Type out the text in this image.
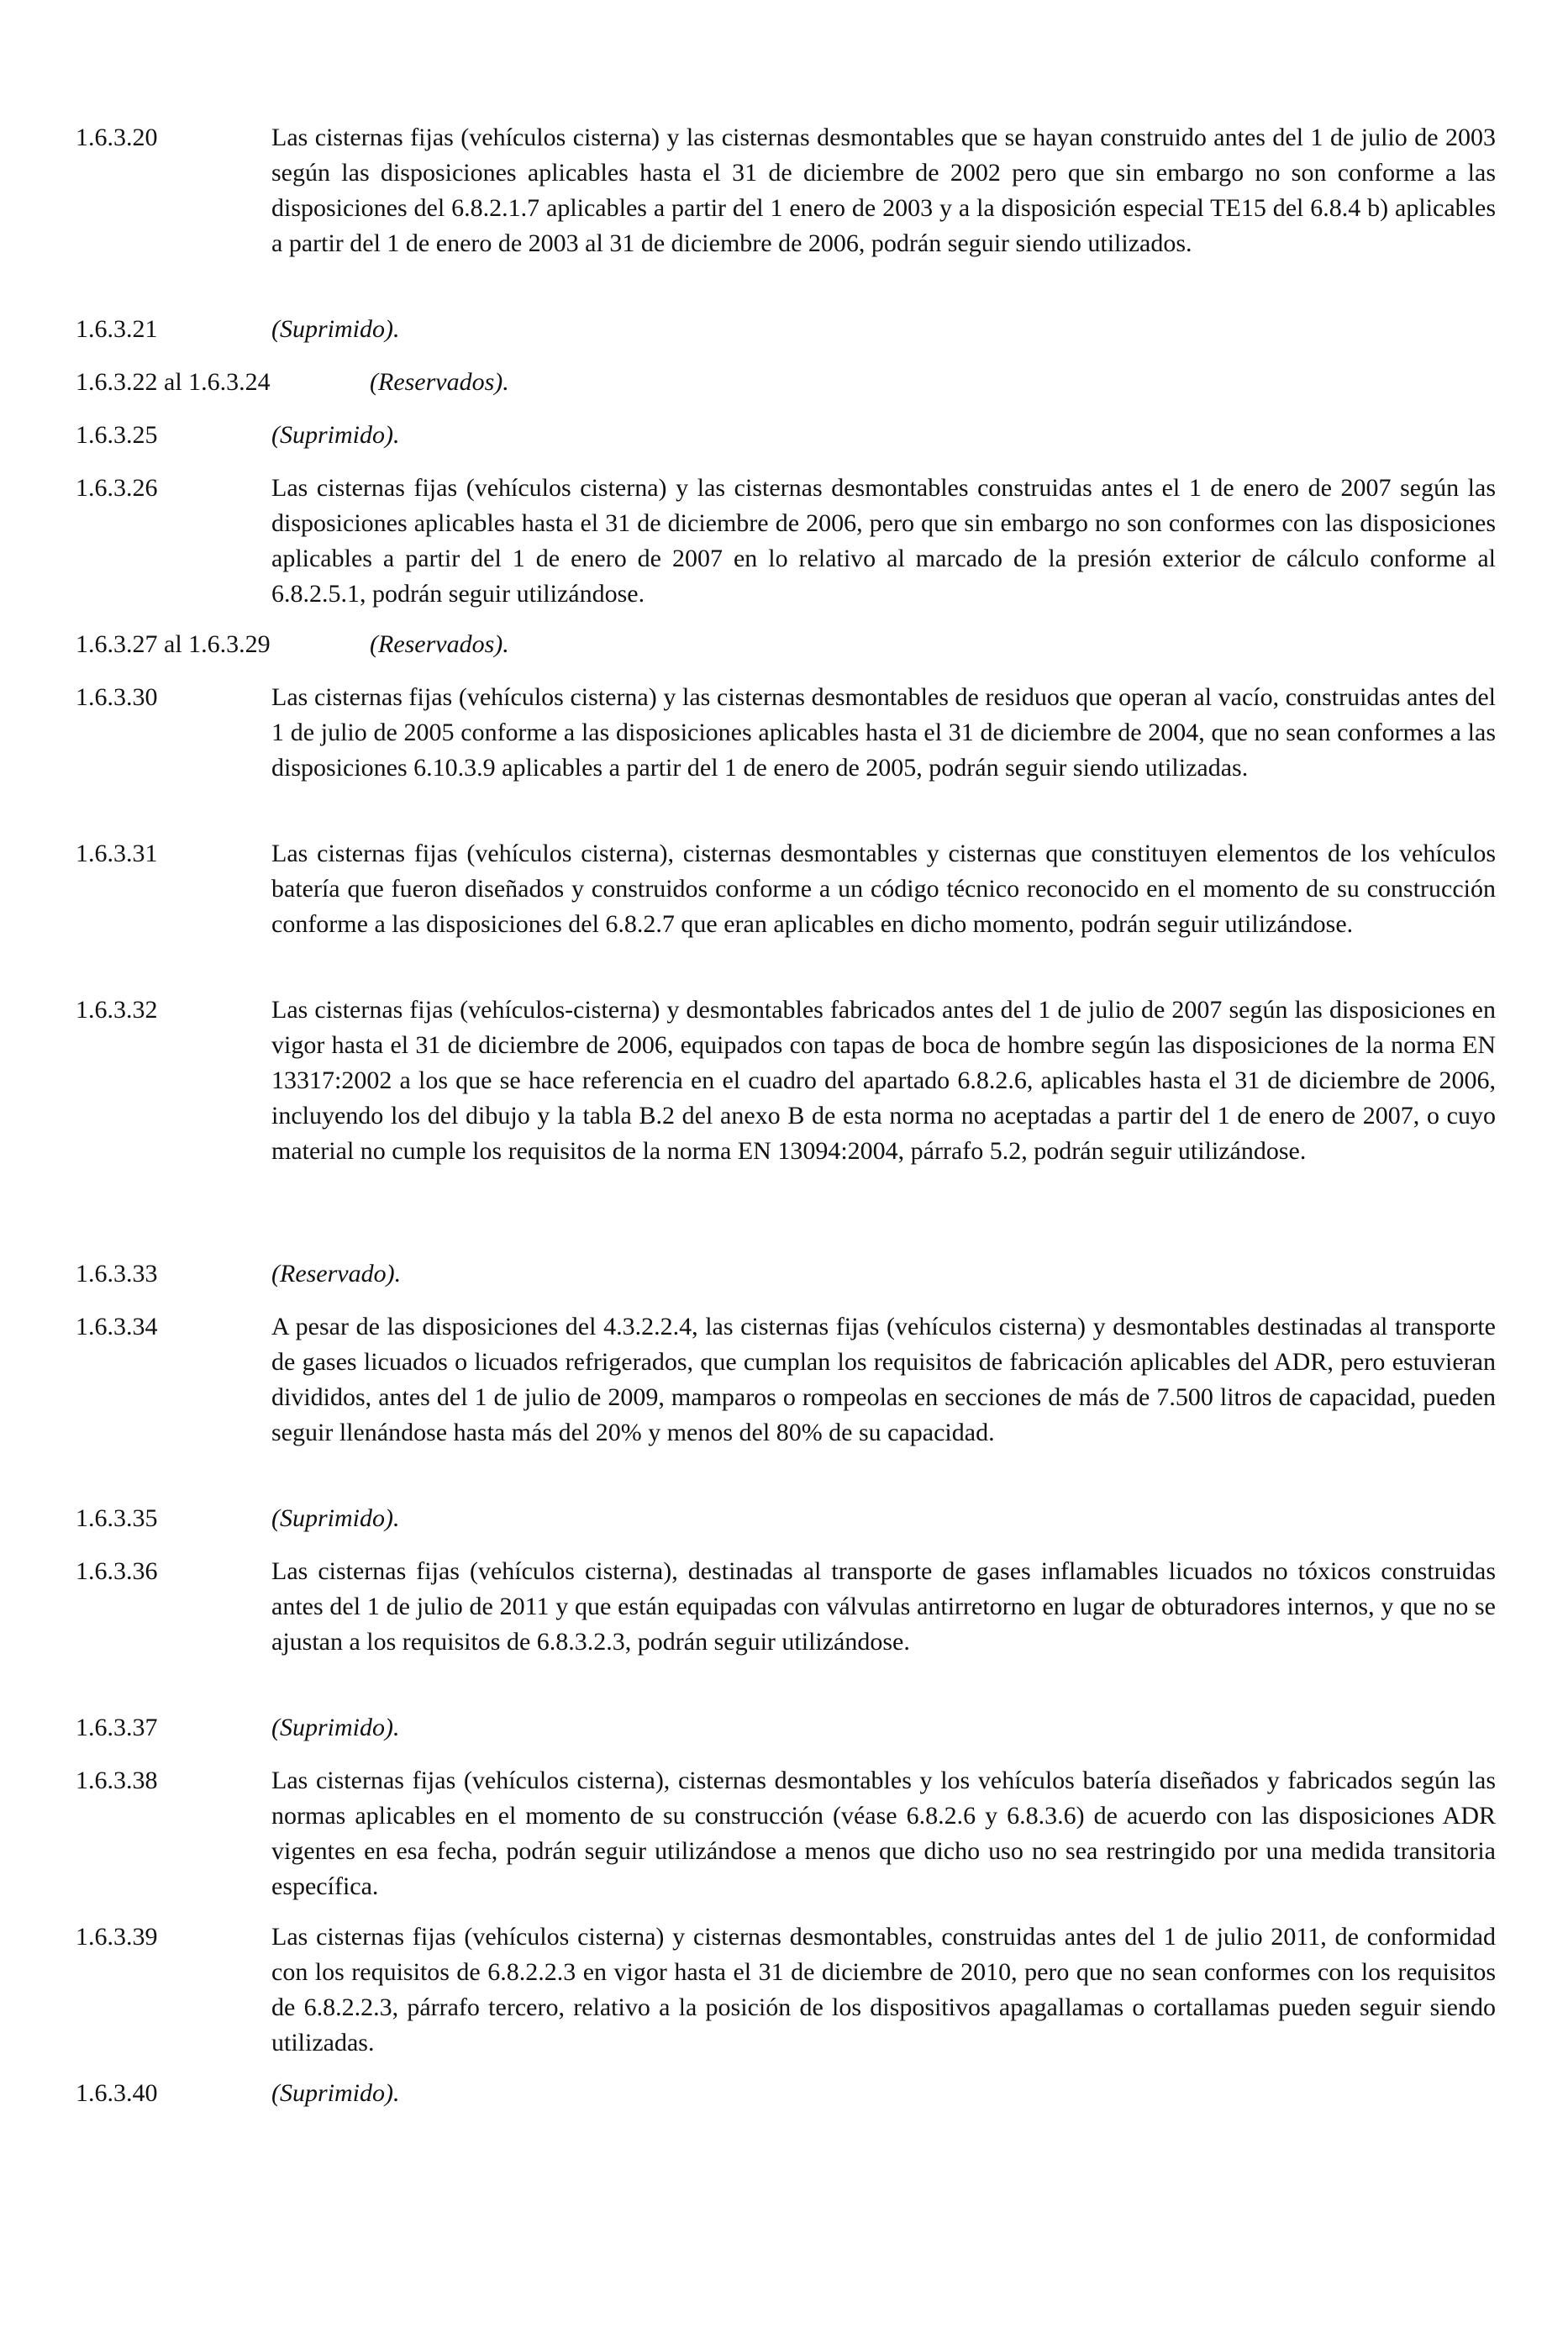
1.6.3.20	Las cisternas fijas (vehículos cisterna) y las cisternas desmontables que se hayan construido antes del 1 de julio de 2003 según las disposiciones aplicables hasta el 31 de diciembre de 2002 pero que sin embargo no son conforme a las disposiciones del 6.8.2.1.7 aplicables a partir del 1 enero de 2003 y a la disposición especial TE15 del 6.8.4 b) aplicables a partir del 1 de enero de 2003 al 31 de diciembre de 2006, podrán seguir siendo utilizados.
1.6.3.21	(Suprimido).
1.6.3.22 al 1.6.3.24	(Reservados).
1.6.3.25	(Suprimido).
1.6.3.26	Las cisternas fijas (vehículos cisterna) y las cisternas desmontables construidas antes el 1 de enero de 2007 según las disposiciones aplicables hasta el 31 de diciembre de 2006, pero que sin embargo no son conformes con las disposiciones aplicables a partir del 1 de enero de 2007 en lo relativo al marcado de la presión exterior de cálculo conforme al 6.8.2.5.1, podrán seguir utilizándose.
1.6.3.27 al 1.6.3.29	(Reservados).
1.6.3.30	Las cisternas fijas (vehículos cisterna) y las cisternas desmontables de residuos que operan al vacío, construidas antes del 1 de julio de 2005 conforme a las disposiciones aplicables hasta el 31 de diciembre de 2004, que no sean conformes a las disposiciones 6.10.3.9 aplicables a partir del 1 de enero de 2005, podrán seguir siendo utilizadas.
1.6.3.31	Las cisternas fijas (vehículos cisterna), cisternas desmontables y cisternas que constituyen elementos de los vehículos batería que fueron diseñados y construidos conforme a un código técnico reconocido en el momento de su construcción conforme a las disposiciones del 6.8.2.7 que eran aplicables en dicho momento, podrán seguir utilizándose.
1.6.3.32	Las cisternas fijas (vehículos-cisterna) y desmontables fabricados antes del 1 de julio de 2007 según las disposiciones en vigor hasta el 31 de diciembre de 2006, equipados con tapas de boca de hombre según las disposiciones de la norma EN 13317:2002 a los que se hace referencia en el cuadro del apartado 6.8.2.6, aplicables hasta el 31 de diciembre de 2006, incluyendo los del dibujo y la tabla B.2 del anexo B de esta norma no aceptadas a partir del 1 de enero de 2007, o cuyo material no cumple los requisitos de la norma EN 13094:2004, párrafo 5.2, podrán seguir utilizándose.
1.6.3.33	(Reservado).
1.6.3.34	A pesar de las disposiciones del 4.3.2.2.4, las cisternas fijas (vehículos cisterna) y desmontables destinadas al transporte de gases licuados o licuados refrigerados, que cumplan los requisitos de fabricación aplicables del ADR, pero estuvieran divididos, antes del 1 de julio de 2009, mamparos o rompeolas en secciones de más de 7.500 litros de capacidad, pueden seguir llenándose hasta más del 20% y menos del 80% de su capacidad.
1.6.3.35	(Suprimido).
1.6.3.36	Las cisternas fijas (vehículos cisterna), destinadas al transporte de gases inflamables licuados no tóxicos construidas antes del 1 de julio de 2011 y que están equipadas con válvulas antirretorno en lugar de obturadores internos, y que no se ajustan a los requisitos de 6.8.3.2.3, podrán seguir utilizándose.
1.6.3.37	(Suprimido).
1.6.3.38	Las cisternas fijas (vehículos cisterna), cisternas desmontables y los vehículos batería diseñados y fabricados según las normas aplicables en el momento de su construcción (véase 6.8.2.6 y 6.8.3.6) de acuerdo con las disposiciones ADR vigentes en esa fecha, podrán seguir utilizándose a menos que dicho uso no sea restringido por una medida transitoria específica.
1.6.3.39	Las cisternas fijas (vehículos cisterna) y cisternas desmontables, construidas antes del 1 de julio 2011, de conformidad con los requisitos de 6.8.2.2.3 en vigor hasta el 31 de diciembre de 2010, pero que no sean conformes con los requisitos de 6.8.2.2.3, párrafo tercero, relativo a la posición de los dispositivos apagallamas o cortallamas pueden seguir siendo utilizadas.
1.6.3.40	(Suprimido).
